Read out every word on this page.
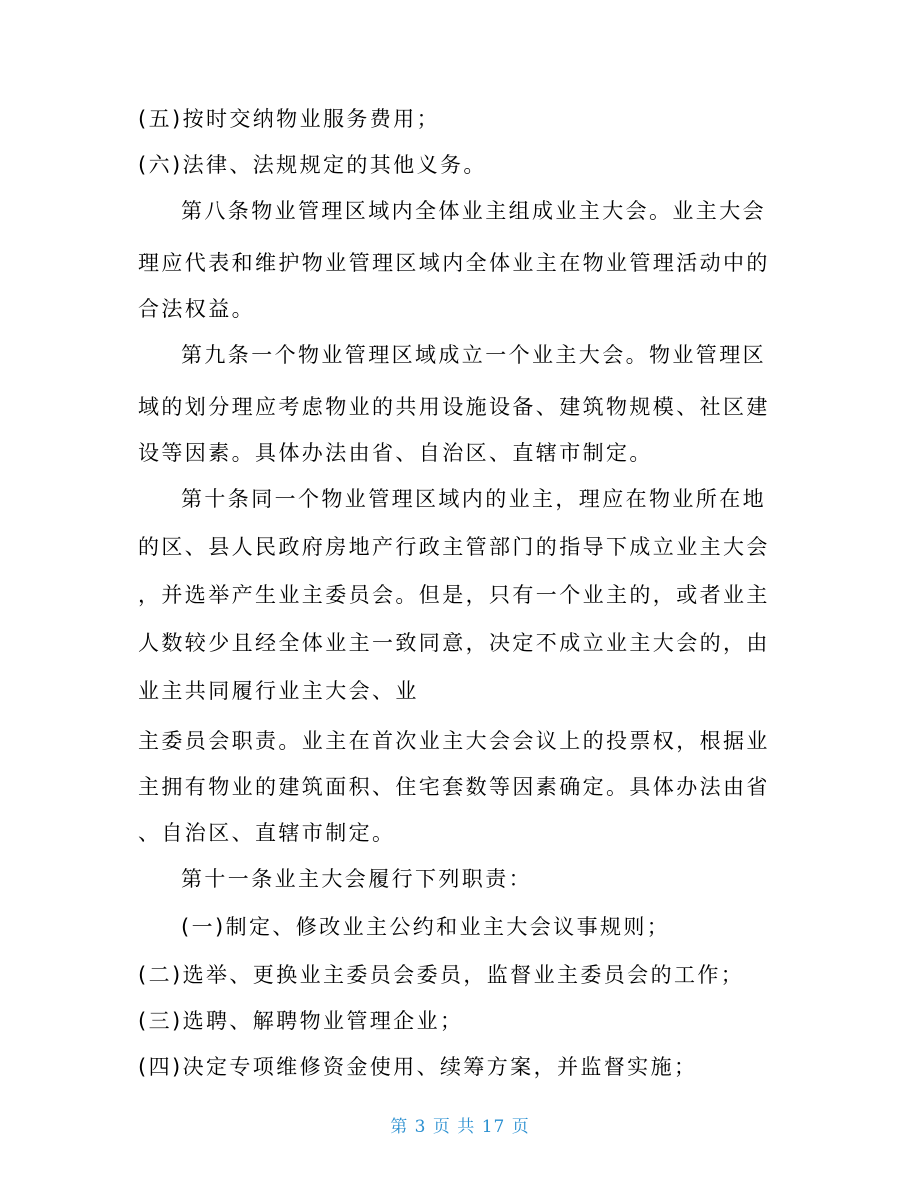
(五)按时交纳物业服务费用；
(六)法律、法规规定的其他义务。
第八条物业管理区域内全体业主组成业主大会。业主大会
理应代表和维护物业管理区域内全体业主在物业管理活动中的
合法权益。
第九条一个物业管理区域成立一个业主大会。物业管理区
域的划分理应考虑物业的共用设施设备、建筑物规模、社区建
设等因素。具体办法由省、自治区、直辖市制定。
第十条同一个物业管理区域内的业主，理应在物业所在地
的区、县人民政府房地产行政主管部门的指导下成立业主大会
，并选举产生业主委员会。但是，只有一个业主的，或者业主
人数较少且经全体业主一致同意，决定不成立业主大会的，由
业主共同履行业主大会、业
主委员会职责。业主在首次业主大会会议上的投票权，根据业
主拥有物业的建筑面积、住宅套数等因素确定。具体办法由省
、自治区、直辖市制定。
第十一条业主大会履行下列职责：
(一)制定、修改业主公约和业主大会议事规则；
(二)选举、更换业主委员会委员，监督业主委员会的工作；
(三)选聘、解聘物业管理企业；
(四)决定专项维修资金使用、续筹方案，并监督实施；
第 3 页 共 17 页
